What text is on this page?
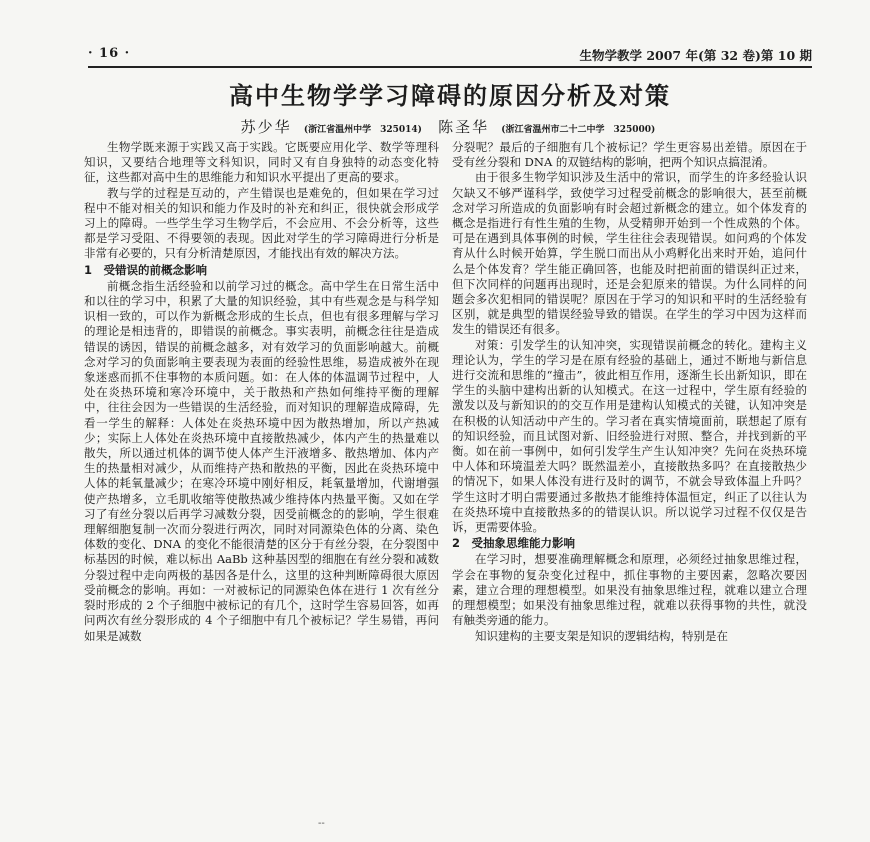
· 16 ·	生物学教学 2007 年(第 32 卷)第 10 期
高中生物学学习障碍的原因分析及对策
苏少华 (浙江省温州中学　325014) 陈圣华 (浙江省温州市二十二中学　325000)

生物学既来源于实践又高于实践。它既要应用化学、数学等理科知识，又要结合地理等文科知识，同时又有自身独特的动态变化特征，这些都对高中生的思维能力和知识水平提出了更高的要求。

教与学的过程是互动的，产生错误也是难免的，但如果在学习过程中不能对相关的知识和能力作及时的补充和纠正，很快就会形成学习上的障碍。一些学生学习生物学后，不会应用、不会分析等，这些都是学习受阻、不得要领的表现。因此对学生的学习障碍进行分析是非常有必要的，只有分析清楚原因，才能找出有效的解决方法。

1　受错误的前概念影响

前概念指生活经验和以前学习过的概念。高中学生在日常生活中和以往的学习中，积累了大量的知识经验，其中有些观念是与科学知识相一致的，可以作为新概念形成的生长点，但也有很多理解与学习的理论是相违背的，即错误的前概念。事实表明，前概念往往是造成错误的诱因，错误的前概念越多，对有效学习的负面影响越大。前概念对学习的负面影响主要表现为表面的经验性思维，易造成被外在现象迷惑而抓不住事物的本质问题。如：在人体的体温调节过程中，人处在炎热环境和寒冷环境中，关于散热和产热如何维持平衡的理解中，往往会因为一些错误的生活经验，而对知识的理解造成障碍，先看一学生的解释：人体处在炎热环境中因为散热增加，所以产热减少；实际上人体处在炎热环境中直接散热减少，体内产生的热量难以散失，所以通过机体的调节使人体产生汗液增多、散热增加、体内产生的热量相对减少，从而维持产热和散热的平衡，因此在炎热环境中人体的耗氧量减少；在寒冷环境中刚好相反，耗氧量增加，代谢增强使产热增多，立毛肌收缩等使散热减少维持体内热量平衡。又如在学习了有丝分裂以后再学习减数分裂，因受前概念的的影响，学生很难理解细胞复制一次而分裂进行两次，同时对同源染色体的分离、染色体数的变化、DNA 的变化不能很清楚的区分于有丝分裂，在分裂图中标基因的时候，难以标出 AaBb 这种基因型的细胞在有丝分裂和减数分裂过程中走向两极的基因各是什么，这里的这种判断障碍很大原因受前概念的影响。再如：一对被标记的同源染色体在进行 1 次有丝分裂时形成的 2 个子细胞中被标记的有几个，这时学生容易回答，如再问两次有丝分裂形成的 4 个子细胞中有几个被标记？学生易错，再问如果是减数

分裂呢？最后的子细胞有几个被标记？学生更容易出差错。原因在于受有丝分裂和 DNA 的双链结构的影响，把两个知识点搞混淆。

由于很多生物学知识涉及生活中的常识，而学生的许多经验认识欠缺又不够严谨科学，致使学习过程受前概念的影响很大，甚至前概念对学习所造成的负面影响有时会超过新概念的建立。如个体发育的概念是指进行有性生殖的生物，从受精卵开始到一个性成熟的个体。可是在遇到具体事例的时候，学生往往会表现错误。如问鸡的个体发育从什么时候开始算，学生脱口而出从小鸡孵化出来时开始，追问什么是个体发育？学生能正确回答，也能及时把前面的错误纠正过来，但下次同样的问题再出现时，还是会犯原来的错误。为什么同样的问题会多次犯相同的错误呢？原因在于学习的知识和平时的生活经验有区别，就是典型的错误经验导致的错误。在学生的学习中因为这样而发生的错误还有很多。

对策：引发学生的认知冲突，实现错误前概念的转化。建构主义理论认为，学生的学习是在原有经验的基础上，通过不断地与新信息进行交流和思维的“撞击”，彼此相互作用，逐渐生长出新知识，即在学生的头脑中建构出新的认知模式。在这一过程中，学生原有经验的激发以及与新知识的的交互作用是建构认知模式的关键，认知冲突是在积极的认知活动中产生的。学习者在真实情境面前，联想起了原有的知识经验，而且试图对新、旧经验进行对照、整合，并找到新的平衡。如在前一事例中，如何引发学生产生认知冲突？先问在炎热环境中人体和环境温差大吗？既然温差小，直接散热多吗？在直接散热少的情况下，如果人体没有进行及时的调节，不就会导致体温上升吗？学生这时才明白需要通过多散热才能维持体温恒定，纠正了以往认为在炎热环境中直接散热多的的错误认识。所以说学习过程不仅仅是告诉，更需要体验。

2　受抽象思维能力影响

在学习时，想要准确理解概念和原理，必须经过抽象思维过程，学会在事物的复杂变化过程中，抓住事物的主要因素，忽略次要因素，建立合理的理想模型。如果没有抽象思维过程，就难以建立合理的理想模型；如果没有抽象思维过程，就难以获得事物的共性，就没有触类旁通的能力。

知识建构的主要支架是知识的逻辑结构，特别是在

--
